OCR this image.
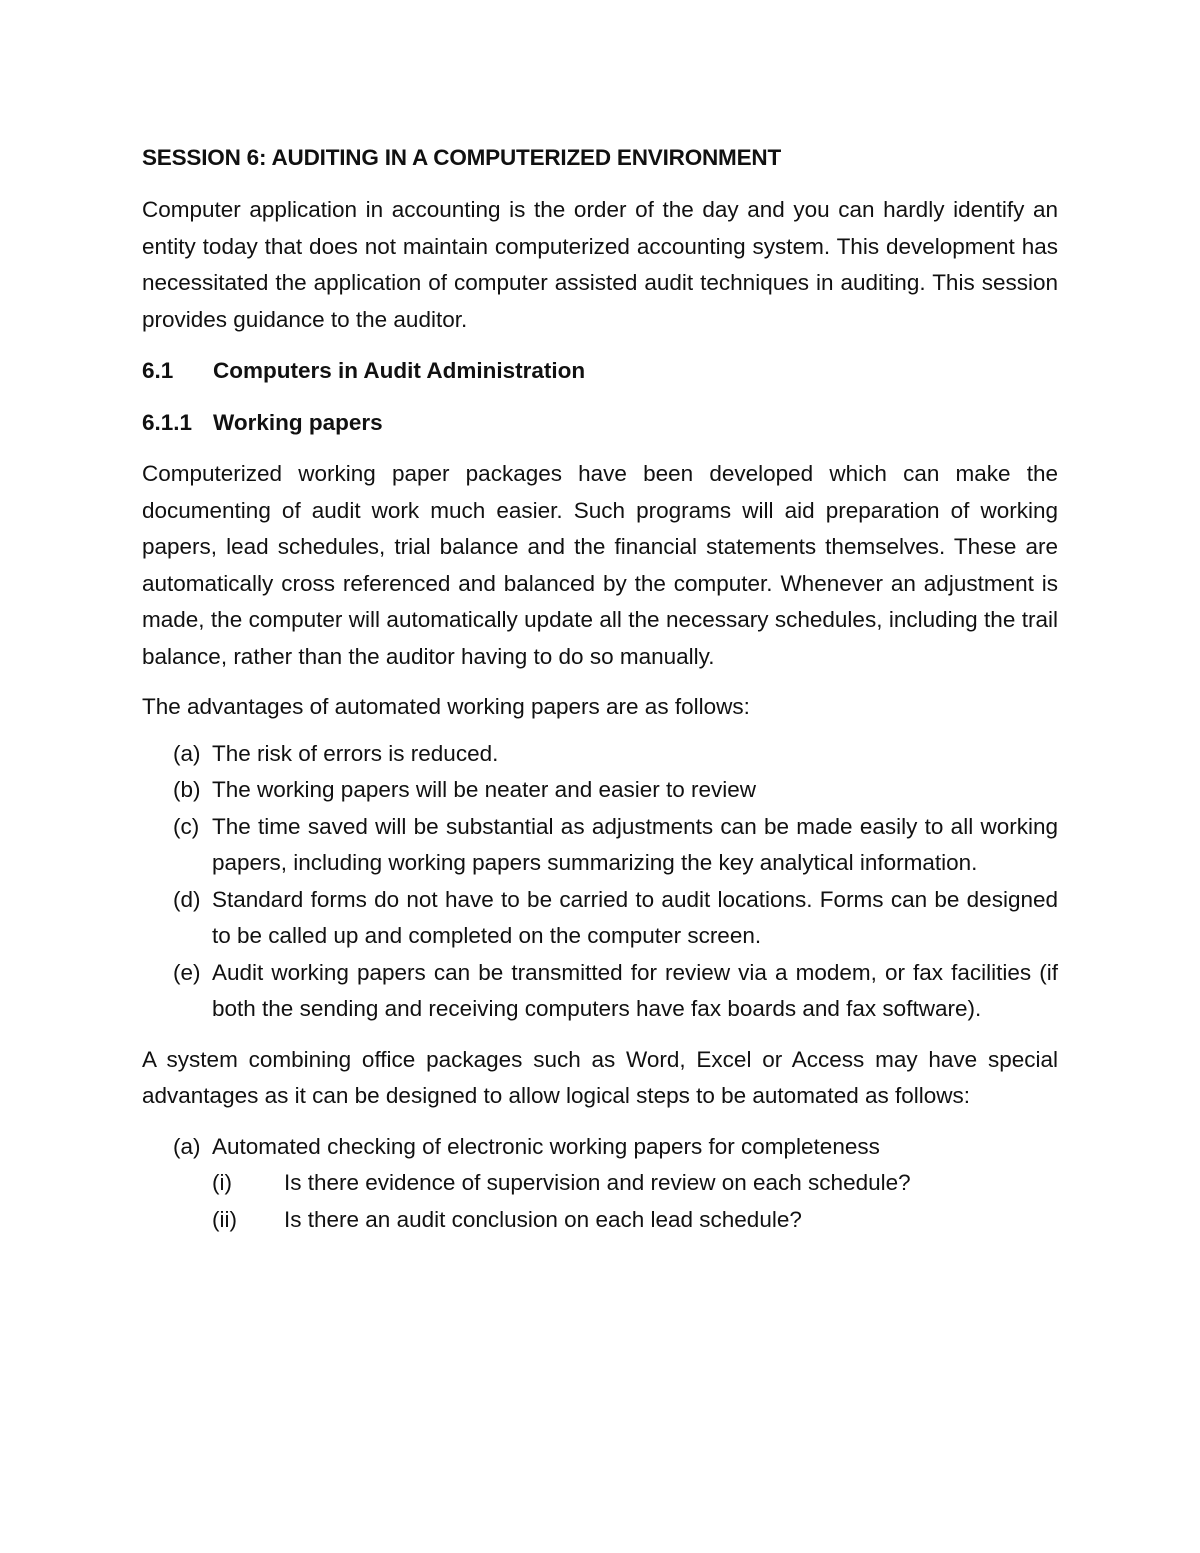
SESSION 6: AUDITING IN A COMPUTERIZED ENVIRONMENT

Computer application in accounting is the order of the day and you can hardly identify an entity today that does not maintain computerized accounting system. This development has necessitated the application of computer assisted audit techniques in auditing. This session provides guidance to the auditor.

6.1 Computers in Audit Administration
6.1.1 Working papers

Computerized working paper packages have been developed which can make the documenting of audit work much easier. Such programs will aid preparation of working papers, lead schedules, trial balance and the financial statements themselves. These are automatically cross referenced and balanced by the computer. Whenever an adjustment is made, the computer will automatically update all the necessary schedules, including the trail balance, rather than the auditor having to do so manually.

The advantages of automated working papers are as follows:

(a) The risk of errors is reduced.
(b) The working papers will be neater and easier to review
(c) The time saved will be substantial as adjustments can be made easily to all working papers, including working papers summarizing the key analytical information.
(d) Standard forms do not have to be carried to audit locations. Forms can be designed to be called up and completed on the computer screen.
(e) Audit working papers can be transmitted for review via a modem, or fax facilities (if both the sending and receiving computers have fax boards and fax software).

A system combining office packages such as Word, Excel or Access may have special advantages as it can be designed to allow logical steps to be automated as follows:

(a) Automated checking of electronic working papers for completeness
(i)	Is there evidence of supervision and review on each schedule?
(ii)	Is there an audit conclusion on each lead schedule?
